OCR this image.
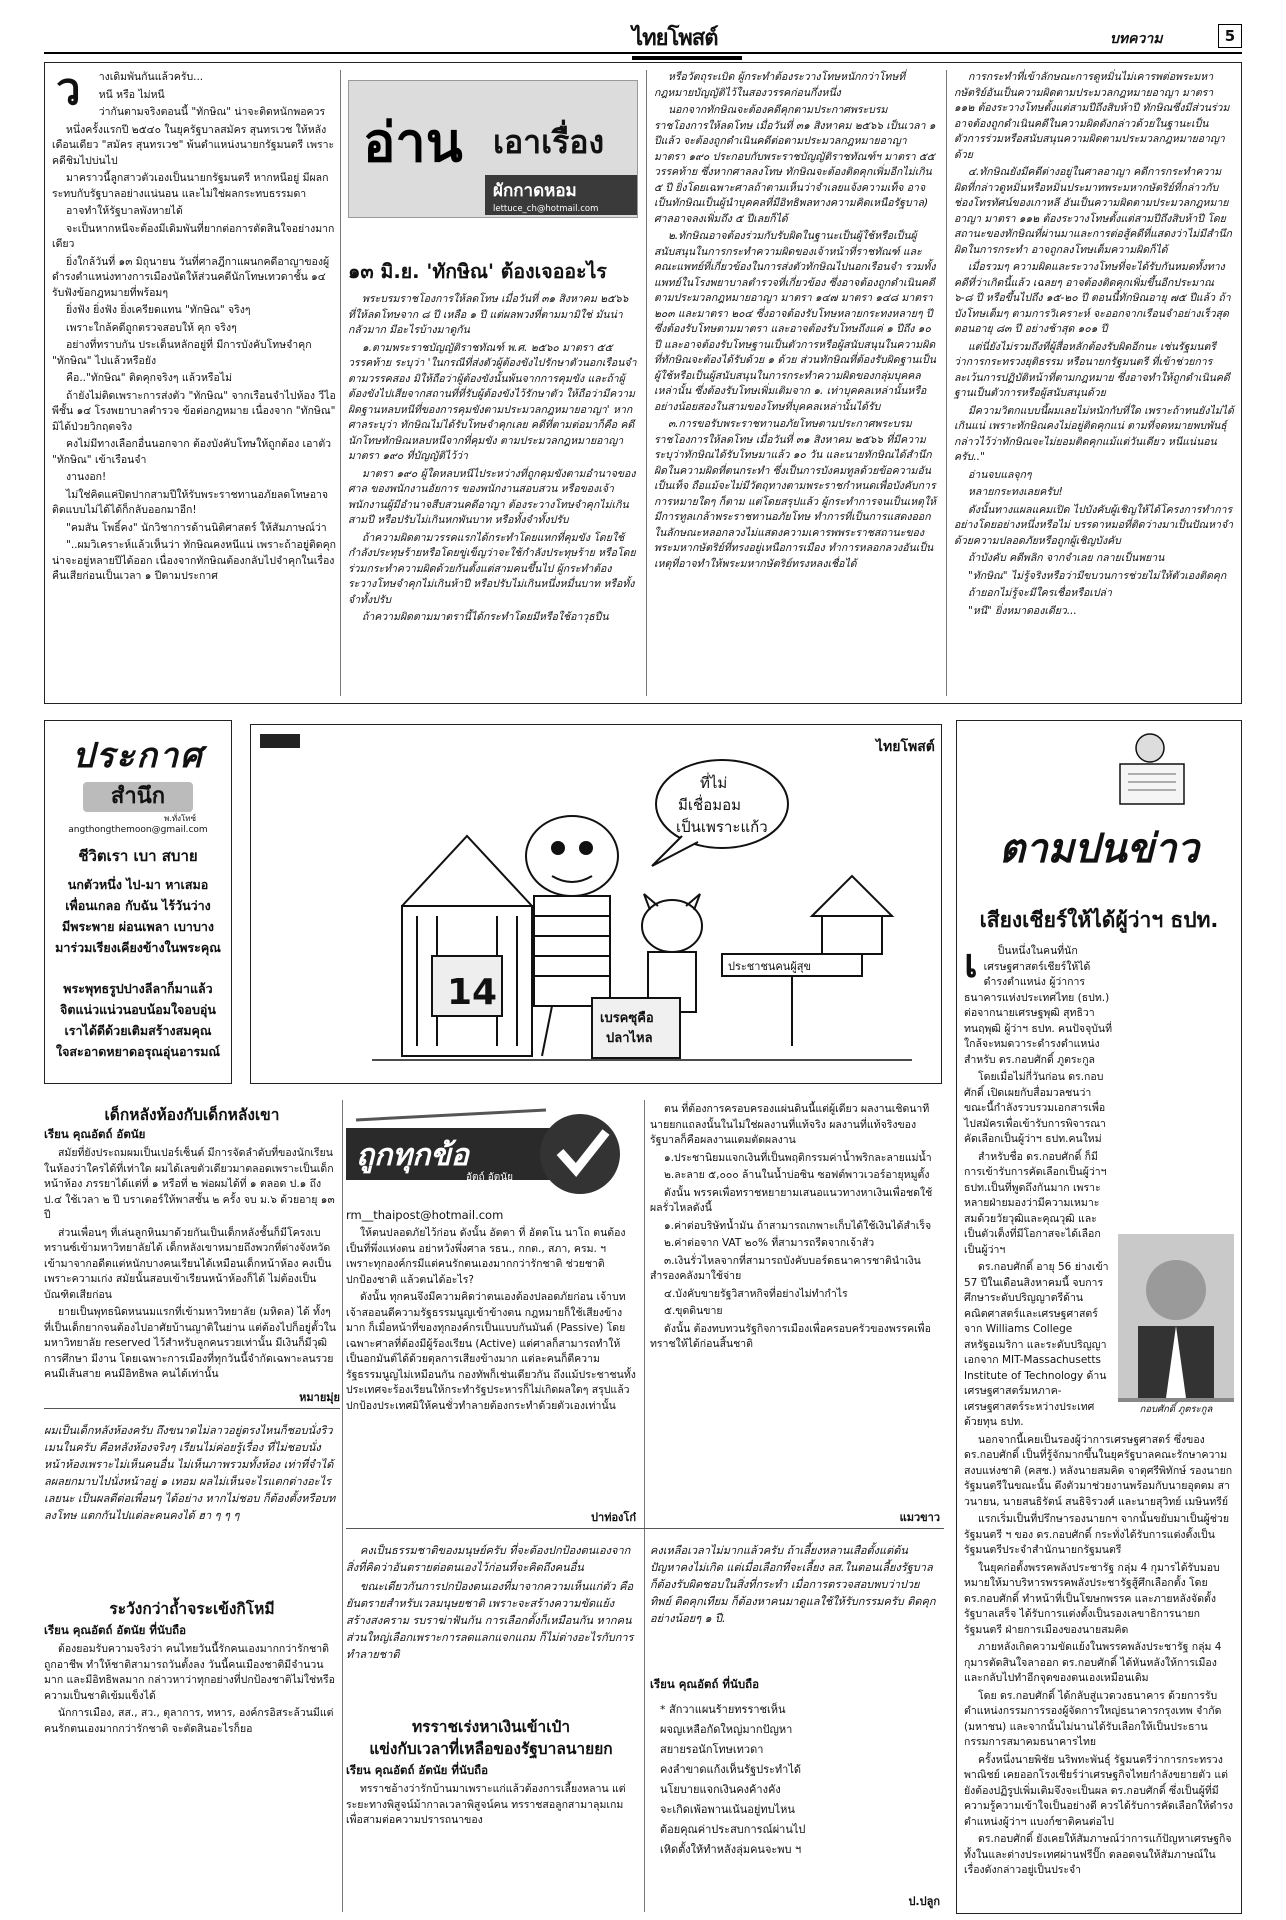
ไทยโพสต์	บทความ	5
ว	างเดิมพันกันแล้วครับ...

หนี หรือ ไม่หนี

ว่ากันตามจริงตอนนี้ "ทักษิณ" น่าจะติดหนักพอควร

หนึ่งครั้งแรกปี ๒๕๔๐ ในยุครัฐบาลสมัคร สุนทรเวช ให้หลังเดือนเดียว "สมัคร สุนทรเวช" พ้นตำแหน่งนายกรัฐมนตรี เพราะคดีชิมไปบ่นไป

มาคราวนี้ลูกสาวตัวเองเป็นนายกรัฐมนตรี หากหนีอยู่ มีผลกระทบกับรัฐบาลอย่างแน่นอน และไม่ใช่ผลกระทบธรรมดา

อาจทำให้รัฐบาลพังหายได้

จะเป็นหากหนีจะต้องมีเดิมพันที่ยากต่อการตัดสินใจอย่างมากเดียว

ยิ่งใกล้วันที่ ๑๓ มิถุนายน วันที่ศาลฎีกาแผนกคดีอาญาของผู้ดำรงตำแหน่งทางการเมืองนัดให้ส่วนคดีนักโทษเทวดาชั้น ๑๔ รับฟังข้อกฎหมายที่พร้อมๆ

ยิ่งฟัง ยิ่งฟัง ยิ่งเครียดแทน "ทักษิณ" จริงๆ

เพราะใกล้คดีถูกตรวจสอบให้ คุก จริงๆ

อย่างที่ทราบกัน ประเด็นหลักอยู่ที่ มีการบังคับโทษจำคุก "ทักษิณ" ไปแล้วหรือยัง

คือ.."ทักษิณ" ติดคุกจริงๆ แล้วหรือไม่

ถ้ายังไม่ติดเพราะการส่งตัว "ทักษิณ" จากเรือนจำไปห้อง วีไอพีชั้น ๑๔ โรงพยาบาลตำรวจ ข้อต่อกฎหมาย เนื่องจาก "ทักษิณ" มิได้ป่วยวิกฤตจริง

คงไม่มีทางเลือกอื่นนอกจาก ต้องบังคับโทษให้ถูกต้อง เอาตัว "ทักษิณ" เข้าเรือนจำ

งานงอก!

ไม่ใช่คิดแค่ปิดปากสามปีให้รับพระราชทานอภัยลดโทษอาจติดแบบไม่ได้ได้ก็กลับออกมาอีก!

"คมสัน โพธิ์คง" นักวิชาการด้านนิติศาสตร์ ให้สัมภาษณ์ว่า

"..ผมวิเคราะห์แล้วเห็นว่า ทักษิณคงหนีแน่ เพราะถ้าอยู่ติดคุกน่าจะอยู่หลายปีได้ออก เนื่องจากทักษิณต้องกลับไปจำคุกในเรื่องคืนเสียก่อนเป็นเวลา ๑ ปีตามประกาศ

อ่าน เอาเรื่อง
ผักกาดหอม
lettuce_ch@hotmail.com
๑๓ มิ.ย. 'ทักษิณ' ต้องเจออะไร

พระบรมราชโองการให้ลดโทษ เมื่อวันที่ ๓๑ สิงหาคม ๒๕๖๖ ที่ให้ลดโทษจาก ๘ ปี เหลือ ๑ ปี แต่ผลพวงที่ตามมามิใช่ มันน่ากลัวมาก มีอะไรบ้างมาดูกัน

๑.ตามพระราชบัญญัติราชทัณฑ์ พ.ศ. ๒๕๖๐ มาตรา ๕๕ วรรคท้าย ระบุว่า 'ในกรณีที่ส่งตัวผู้ต้องขังไปรักษาตัวนอกเรือนจำตามวรรคสอง มิให้ถือว่าผู้ต้องขังนั้นพ้นจากการคุมขัง และถ้าผู้ต้องขังไปเสียจากสถานที่ที่รับผู้ต้องขังไว้รักษาตัว ให้ถือว่ามีความผิดฐานหลบหนีที่ของการคุมขังตามประมวลกฎหมายอาญา' หากศาลระบุว่า ทักษิณไม่ได้รับโทษจำคุกเลย คดีที่ตามต่อมาก็คือ คดีนักโทษทักษิณหลบหนีจากที่คุมขัง ตามประมวลกฎหมายอาญา มาตรา ๑๙๐ ที่บัญญัติไว้ว่า

มาตรา ๑๙๐ ผู้ใดหลบหนีไประหว่างที่ถูกคุมขังตามอำนาจของศาล ของพนักงานอัยการ ของพนักงานสอบสวน หรือของเจ้าพนักงานผู้มีอำนาจสืบสวนคดีอาญา ต้องระวางโทษจำคุกไม่เกินสามปี หรือปรับไม่เกินหกพันบาท หรือทั้งจำทั้งปรับ

ถ้าความผิดตามวรรคแรกได้กระทำโดยแหกที่คุมขัง โดยใช้กำลังประทุษร้ายหรือโดยขู่เข็ญว่าจะใช้กำลังประทุษร้าย หรือโดยร่วมกระทำความผิดด้วยกันตั้งแต่สามคนขึ้นไป ผู้กระทำต้องระวางโทษจำคุกไม่เกินห้าปี หรือปรับไม่เกินหนึ่งหมื่นบาท หรือทั้งจำทั้งปรับ

ถ้าความผิดตามมาตรานี้ได้กระทำโดยมีหรือใช้อาวุธปืน

หรือวัตถุระเบิด ผู้กระทำต้องระวางโทษหนักกว่าโทษที่กฎหมายบัญญัติไว้ในสองวรรคก่อนกึ่งหนึ่ง

นอกจากทักษิณจะต้องคดีคุกตามประกาศพระบรมราชโองการให้ลดโทษ เมื่อวันที่ ๓๑ สิงหาคม ๒๕๖๖ เป็นเวลา ๑ ปีแล้ว จะต้องถูกดำเนินคดีต่อตามประมวลกฎหมายอาญา มาตรา ๑๙๐ ประกอบกับพระราชบัญญัติราชทัณฑ์ฯ มาตรา ๕๕ วรรคท้าย ซึ่งหากศาลลงโทษ ทักษิณจะต้องติดคุกเพิ่มอีกไม่เกิน ๕ ปี ยิ่งโดยเฉพาะศาลถ้าตามเห็นว่าจำเลยแจ้งความเท็จ อาจเป็นทักษิณเป็นผู้นำบุคคลที่มีอิทธิพลทางความคิดเหนือรัฐบาล) ศาลอาจลงเพิ่มถึง ๕ ปีเลยก็ได้

๒.ทักษิณอาจต้องร่วมกับรับผิดในฐานะเป็นผู้ใช้หรือเป็นผู้สนับสนุนในการกระทำความผิดของเจ้าหน้าที่ราชทัณฑ์ และคณะแพทย์ที่เกี่ยวข้องในการส่งตัวทักษิณไปนอกเรือนจำ รวมทั้งแพทย์ในโรงพยาบาลตำรวจที่เกี่ยวข้อง ซึ่งอาจต้องถูกดำเนินคดีตามประมวลกฎหมายอาญา มาตรา ๑๔๗ มาตรา ๑๔๘ มาตรา ๒๐๓ และมาตรา ๒๐๔ ซึ่งอาจต้องรับโทษหลายกระทงหลายๆ ปี ซึ่งต้องรับโทษตามมาตรา และอาจต้องรับโทษถึงแค่ ๑ ปีถึง ๑๐ ปี และอาจต้องรับโทษฐานเป็นตัวการหรือผู้สนับสนุนในความผิดที่ทักษิณจะต้องได้รับด้วย ๑ ด้วย ส่วนทักษิณที่ต้องรับผิดฐานเป็นผู้ใช้หรือเป็นผู้สนับสนุนในการกระทำความผิดของกลุ่มบุคคลเหล่านั้น ซึ่งต้องรับโทษเพิ่มเติมจาก ๑. เท่าบุคคลเหล่านั้นหรืออย่างน้อยสองในสามของโทษที่บุคคลเหล่านั้นได้รับ

๓.การขอรับพระราชทานอภัยโทษตามประกาศพระบรมราชโองการให้ลดโทษ เมื่อวันที่ ๓๑ สิงหาคม ๒๕๖๖ ที่มีความระบุว่าทักษิณได้รับโทษมาแล้ว ๑๐ วัน และนายทักษิณได้สำนึกผิดในความผิดที่ตนกระทำ ซึ่งเป็นการบังคมทูลด้วยข้อความอันเป็นเท็จ ถือแม้จะไม่มีวัตถุทางตามพระราชกำหนดเพื่อบังคับการการหมายใดๆ ก็ตาม แต่โดยสรุปแล้ว ผู้กระทำการจนเป็นเหตุให้มีการทูลเกล้าพระราชทานอภัยโทษ ทำการที่เป็นการแสดงออกในลักษณะหลอกลวงไม่แสดงความเคารพพระราชสถานะของพระมหากษัตริย์ที่ทรงอยู่เหนือการเมือง ทำการหลอกลวงอันเป็นเหตุที่อาจทำให้พระมหากษัตริย์ทรงหลงเชื่อได้

การกระทำที่เข้าลักษณะการดูหมิ่นไม่เคารพต่อพระมหากษัตริย์อันเป็นความผิดตามประมวลกฎหมายอาญา มาตรา ๑๑๒ ต้องระวางโทษตั้งแต่สามปีถึงสิบห้าปี ทักษิณซึ่งมีส่วนร่วมอาจต้องถูกดำเนินคดีในความผิดดังกล่าวด้วยในฐานะเป็นตัวการร่วมหรือสนับสนุนความผิดตามประมวลกฎหมายอาญาด้วย

๔.ทักษิณยังมีคดีต่างอยู่ในศาลอาญา คดีการกระทำความผิดที่กล่าวดูหมิ่นหรือหมิ่นประมาทพระมหากษัตริย์ที่กล่าวกับช่องโทรทัศน์ของเกาหลี อันเป็นความผิดตามประมวลกฎหมายอาญา มาตรา ๑๑๒ ต้องระวางโทษตั้งแต่สามปีถึงสิบห้าปี โดยสถานะของทักษิณที่ผ่านมาและการต่อสู้คดีที่แสดงว่าไม่มีสำนึกผิดในการกระทำ อาจถูกลงโทษเต็มความผิดก็ได้

เมื่อรวมๆ ความผิดและระวางโทษที่จะได้รับกันหมดทั้งทางคดีที่ว่าเกิดนี้แล้ว เฉลยๆ อาจต้องติดคุกเพิ่มขึ้นอีกประมาณ ๖-๘ ปี หรือขึ้นไปถึง ๑๕-๒๐ ปี ตอนนี้ทักษิณอายุ ๗๕ ปีแล้ว ถ้าบังโทษเต็มๆ ตามการวิเคราะห์ จะออกจากเรือนจำอย่างเร็วสุดตอนอายุ ๘๓ ปี อย่างช้าสุด ๑๐๑ ปี

แต่นี่ยังไม่รวมถึงที่ผู้สื่อหลักต้องรับผิดอีกนะ เช่นรัฐมนตรีว่าการกระทรวงยุติธรรม หรือนายกรัฐมนตรี ที่เข้าช่วยการละเว้นการปฏิบัติหน้าที่ตามกฎหมาย ซึ่งอาจทำให้ถูกดำเนินคดีฐานเป็นตัวการหรือผู้สนับสนุนด้วย

มีความวิตกแบบนี้ผมเลยไม่หนักกับที่ใด เพราะถ้าทนยังไม่ได้เกินแน่ เพราะทักษิณคงไม่อยู่ติดคุกแน่ ตามที่จดหมายพบพันธุ์ กล่าวไว้ว่าทักษิณจะไม่ยอมติดคุกแม้แต่วันเดียว หนีแน่นอนครับ.."

อ่านจบแลจุกๆ

หลายกระทงเลยครับ!

ดังนั้นทางแผลแคมเปิด ไปบังคับผู้เชิญให้ได้โครงการทำการอย่างโดยอย่างหนึ่งหรือไม่ บรรดาหมอที่ติดว่างมาเป็นปัณหาจำด้วยความปลอดภัยหรือถูกผู้เชิญบังคับ

ถ้าบังคับ คดีพลิก จากจำเลย กลายเป็นพยาน

"ทักษิณ" ไม่รู้จริงหรือว่ามีขบวนการช่วยไม่ให้ตัวเองติดคุก

ถ้ายอกไม่รู้จะมีใครเชื่อหรือเปล่า

"หนี" ยิ่งหมาดองเดียว...

ประกาศ
สำนึก
พ.ทั่งโทซ์
angthongthemoon@gmail.com
ชีวิตเรา เบา สบาย
นกตัวหนึ่ง ไป-มา หาเสมอ
เพื่อนเกลอ กับฉัน ไร้วันว่าง
มีพระพาย ผ่อนเพลา เบาบาง
มาร่วมเรียงเคียงข้างในพระคุณ
พระพุทธรูปปางลีลาก็มาแล้ว
จิตแน่วแน่วนอบน้อมใจอบอุ่น
เราได้ดีด้วยเติมสร้างสมคุณ
ใจสะอาดหยาดอรุณอุ่นอารมณ์
ไทยโพสต์
14
ที่ไม่
มีเชื่อมอม
เป็นเพราะแก้ว
เบรคซุคือ
ปลาไหล
ประชาชนคนผู้สุข
ตามปนข่าว
เสียงเชียร์ให้ได้ผู้ว่าฯ ธปท.
เ
กอบศักดิ์ ภูตระกูล

ป็นหนึ่งในคนที่นักเศรษฐศาสตร์เชียร์ให้ได้ดำรงตำแหน่ง ผู้ว่าการธนาคารแห่งประเทศไทย (ธปท.) ต่อจากนายเศรษฐพุฒิ สุทธิวาทนฤพุฒิ ผู้ว่าฯ ธปท. คนปัจจุบันที่ใกล้จะหมดวาระดำรงตำแหน่ง สำหรับ ดร.กอบศักดิ์ ภูตระกูล

โดยเมื่อไม่กี่วันก่อน ดร.กอบศักดิ์ เปิดเผยกับสื่อมวลชนว่า ขณะนี้กำลังรวบรวมเอกสารเพื่อไปสมัครเพื่อเข้ารับการพิจารณาคัดเลือกเป็นผู้ว่าฯ ธปท.คนใหม่

สำหรับชื่อ ดร.กอบศักดิ์ ก็มีการเข้ารับการคัดเลือกเป็นผู้ว่าฯ ธปท.เป็นที่พูดถึงกันมาก เพราะหลายฝ่ายมองว่ามีความเหมาะสมด้วยวัยวุฒิและคุณวุฒิ และเป็นตัวเต็งที่มีโอกาสจะได้เลือกเป็นผู้ว่าฯ

ดร.กอบศักดิ์ อายุ 56 ย่างเข้า 57 ปีในเดือนสิงหาคมนี้ จบการศึกษาระดับปริญญาตรีด้านคณิตศาสตร์และเศรษฐศาสตร์ จาก Williams College สหรัฐอเมริกา และระดับปริญญาเอกจาก MIT-Massachusetts Institute of Technology ด้านเศรษฐศาสตร์มหภาค-เศรษฐศาสตร์ระหว่างประเทศ ด้วยทุน ธปท.

นอกจากนี้เคยเป็นรองผู้ว่าการเศรษฐศาสตร์ ซึ่งของ ดร.กอบศักดิ์ เป็นที่รู้จักมากขึ้นในยุครัฐบาลคณะรักษาความสงบแห่งชาติ (คสช.) หลังนายสมคิด จาตุศรีพิทักษ์ รองนายกรัฐมนตรีในขณะนั้น ดึงตัวมาช่วยงานพร้อมกับนายอุตตม สาวนายน, นายสนธิรัตน์ สนธิจิรวงศ์ และนายสุวิทย์ เมษินทรีย์

แรกเริ่มเป็นที่ปรึกษารองนายกฯ จากนั้นขยับมาเป็นผู้ช่วยรัฐมนตรี ฯ ของ ดร.กอบศักดิ์ กระทั่งได้รับการแต่งตั้งเป็นรัฐมนตรีประจำสำนักนายกรัฐมนตรี

ในยุคก่อตั้งพรรคพลังประชารัฐ กลุ่ม 4 กุมารได้รับมอบหมายให้มาบริหารพรรคพลังประชารัฐสู้ศึกเลือกตั้ง โดย ดร.กอบศักดิ์ ทำหน้าที่เป็นโฆษกพรรค และภายหลังจัดตั้งรัฐบาลเสร็จ ได้รับการแต่งตั้งเป็นรองเลขาธิการนายกรัฐมนตรี ฝ่ายการเมืองของนายสมคิด

ภายหลังเกิดความขัดแย้งในพรรคพลังประชารัฐ กลุ่ม 4 กุมารตัดสินใจลาออก ดร.กอบศักดิ์ ได้หันหลังให้การเมือง และกลับไปทำอีกจุดของตนเองเหมือนเดิม

โดย ดร.กอบศักดิ์ ได้กลับสู่แวดวงธนาคาร ด้วยการรับตำแหน่งกรรมการรองผู้จัดการใหญ่ธนาคารกรุงเทพ จำกัด (มหาชน) และจากนั้นไม่นานได้รับเลือกให้เป็นประธานกรรมการสมาคมธนาคารไทย

ครั้งหนึ่งนายพิชัย นริพทะพันธุ์ รัฐมนตรีว่าการกระทรวงพาณิชย์ เคยออกโรงเชียร์ว่าเศรษฐกิจไทยกำลังขยายตัว แต่ยังต้องปฏิรูปเพิ่มเติมจึงจะเป็นผล ดร.กอบศักดิ์ ซึ่งเป็นผู้ที่มีความรู้ความเข้าใจเป็นอย่างดี ควรได้รับการคัดเลือกให้ดำรงตำแหน่งผู้ว่าฯ แบงก์ชาติคนต่อไป

ดร.กอบศักดิ์ ยังเคยให้สัมภาษณ์ว่าการแก้ปัญหาเศรษฐกิจทั้งในและต่างประเทศผ่านฟรีปั๊ก ตลอดจนให้สัมภาษณ์ในเรื่องดังกล่าวอยู่เป็นประจำ

ถูกทุกข้อ
อัตถ์ อัตนัย
rm__thaipost@hotmail.com
เด็กหลังห้องกับเด็กหลังเขา
เรียน คุณอัตถ์ อัตนัย

สมัยที่ยังประถมผมเป็นเปอร์เซ็นต์ มีการจัดลำดับที่ของนักเรียนในห้องว่าใครได้ที่เท่าใด ผมได้เลขตัวเดียวมาตลอดเพราะเป็นเด็กหน้าห้อง ภรรยาได้แต่ที่ ๑ หรือที่ ๒ พ่อผมได้ที่ ๑ ตลอด ป.๑ ถึง ป.๔ ใช้เวลา ๒ ปี บราเดอร์ให้พาสชั้น ๒ ครั้ง จบ ม.๖ ด้วยอายุ ๑๓ ปี

ส่วนเพื่อนๆ ที่เล่นลูกหินมาด้วยกันเป็นเด็กหลังชั้นก็มีโครงเบทรานซ์เข้ามหาวิทยาลัยได้ เด็กหลังเขาหมายถึงพวกที่ต่างจังหวัดเข้ามาจากอดีตแต่หนักบางคนเรียนได้เหมือนเด็กหน้าห้อง คงเป็นเพราะความเก่ง สมัยนั้นสอบเข้าเรียนหน้าห้องก็ได้ ไม่ต้องเป็นบัณฑิตเสียก่อน

ยายเป็นพุทธนิดหนนมแรกที่เข้ามหาวิทยาลัย (มหิดล) ได้ ทั้งๆ ที่เป็นเด็กยากจนต้องไปอาศัยบ้านญาติในย่าน แต่ต้องไปก็อยู่ตั้วในมหาวิทยาลัย reserved ไว้สำหรับลูกคนรวยเท่านั้น มีเงินก็มีวุฒิการศึกษา มีงาน โดยเฉพาะการเมืองที่ทุกวันนี้จำกัดเฉพาะลนรวย คนมีเส้นสาย คนมีอิทธิพล คนได้เท่านั้น

หมายมุ่ย
ผมเป็นเด็กหลังห้องครับ ถึงขนาดไม่ลาวอยู่ตรงไหนก็ชอบนั่งริวเมนในครับ คือหลังห้องจริงๆ เรียนไม่ค่อยรู้เรื่อง ที่ไม่ชอบนั่งหน้าห้องเพราะไม่เห็นคนอื่น ไม่เห็นภาพรวมทั้งห้อง เท่าที่จำได้ลผลยกมาบไปนั่งหน้าอยู่ ๑ เทอม ผลไม่เห็นจะไรแตกต่างอะไรเลยนะ เป็นผลดีต่อเพื่อนๆ ได้อย่าง หากไม่ชอบ ก็ต้องตั้งหรือบทลงโทษ แตกกันไปแต่ละคนคงได้ ฮา ๆ ๆ ๆ
ระวังกว่าถ้ำจระเข้งกิโหมี
เรียน คุณอัตถ์ อัตนัย ที่นับถือ

ต้องยอมรับความจริงว่า คนไทยวันนี้รักคนเองมากกว่ารักชาติถูกอาชีพ ทำให้ชาติสามารถวันตั้งลง วันนี้คนเมืองชาติมีจำนวนมาก และมีอิทธิพลมาก กล่าวหาว่าทุกอย่างที่ปกป้องชาติไม่ใช่หรือ ความเป็นชาติเข้มแข็งได้

นักการเมือง, สส., สว., ตุลาการ, ทหาร, องค์กรอิสระล้วนมีแต่คนรักตนเองมากกว่ารักชาติ จะตัดสินอะไรก็ยอ

ให้ตนปลอดภัยไว้ก่อน ดังนั้น อัตตา ที่ อัตตโน นาโถ ตนต้องเป็นที่พึ่งแห่งตน อย่าหวังพึ่งศาล รธน., กกต., สภา, ครม. ฯ เพราะทุกองค์กรมีแต่คนรักตนเองมากกว่ารักชาติ ช่วยชาติ ปกป้องชาติ แล้วตนได้อะไร?

ดังนั้น ทุกคนจึงมีความคิดว่าตนเองต้องปลอดภัยก่อน เจ้าบทเจ้าสออนดีความรัฐธรรมนูญเข้าข้างตน กฎหมายก็ใช้เสียงข้างมาก ก็เมื่อหน้าที่ของทุกองค์กรเป็นแบบกันมันต์ (Passive) โดยเฉพาะศาลที่ต้องมีผู้ร้องเรียน (Active) แต่ศาลก็สามารถทำให้เป็นอกมันต์ได้ด้วยดุลการเสียงข้างมาก แต่ละคนก็ตีความรัฐธรรมนูญไม่เหมือนกัน กองทัพก็เช่นเดียวกัน ถึงแม้ประชาชนทั้งประเทศจะร้องเรียนให้กระทำรัฐประหารก็ไม่เกิดผลใดๆ สรุปแล้วปกป้องประเทศมิให้คนชั่วทำลายต้องกระทำด้วยตัวเองเท่านั้น

ปาท่องโก๋

ตน ที่ต้องการครอบครองแผ่นดินนี้แต่ผู้เดียว ผลงานเชิดนาทีนายยกแถลงนั้นในไม่ใช่ผลงานที่แท้จริง ผลงานที่แท้จริงของรัฐบาลก็คือผลงานแตมตัดผลงาน

๑.ประชานิยมแจกเงินที่เป็นพฤติกรรมค่าน้ำพริกละลายแม่น้ำ

๒.ละลาย ๕,๐๐๐ ล้านในน้ำบ่อซิน ซอฟต์พาวเวอร์อายุหมูตั้ง

ดังนั้น พรรคเพื่อทราชหยายามเสนอแนวทางหาเงินเพื่อชดใช้ผลรั่วไหลดังนี้

๑.ค่าต่อบริษัทน้ำมัน ถ้าสามารถเกพาะเก็บได้ใช้เงินได้สำเร็จ

๒.ค่าต่อจาก VAT ๒๐% ที่สามารถรีดจากเจ้าสัว

๓.เงินรั่วไหลจากที่สามารถบังคับบอร์ดธนาคารชาตินำเงินสำรองคลังมาใช้จ่าย

๔.บังคับขายรัฐวิสาหกิจที่อย่างไม่ทำกำไร

๕.ขุดดินขาย

ดังนั้น ต้องทบทวนรัฐกิจการเมืองเพื่อครอบครัวของพรรคเพื่อทราชให้ได้ก่อนสิ้นชาติ

แมวขาว

คงเป็นธรรมชาติของมนุษย์ครับ ที่จะต้องปกป้องตนเองจากสิ่งที่คิดว่าอันตรายต่อตนเองไว้ก่อนที่จะคิดถึงคนอื่น

ขณะเดียวกันการปกป้องตนเองที่มาจากความเห็นแก่ตัว คือยันตรายสำหรับเวลมนุษยชาติ เพราะจะสร้างความขัดแย้ง สร้างสงคราม รบราฆ่าฟันกัน การเลือกตั้งก็เหมือนกัน หากคนส่วนใหญ่เลือกเพราะการลดแลกแจกแถม ก็ไม่ต่างอะไรกับการทำลายชาติ

คงเหลือเวลาไม่มากแล้วครับ ถ้าเลี้ยงหลานเสือตั้งแต่ต้น ปัญหาคงไม่เกิด แต่เมื่อเลือกที่จะเลี้ยง ลส.ในตอนเลี้ยงรัฐบาล ก็ต้องรับผิดชอบในสิ่งที่กระทำ เมื่อการตรวจสอบพบว่าปวยทิพย์ ติดคุกเทียม ก็ต้องหาคนมาดูแลใช้ให้รับกรรมครับ ติดคุกอย่างน้อยๆ ๑ ปี.
ทรราชเร่งหาเงินเข้าเป๋า
แข่งกับเวลาที่เหลือของรัฐบาลนายยก
เรียน คุณอัตถ์ อัตนัย ที่นับถือ

ทรราชอ้างว่ารักบ้านมาเพราะแก่แล้วต้องการเลี้ยงหลาน แต่ระยะทางพิสูจน์ม้ากาลเวลาพิสูจน์คน ทรราชสอลูกสามาลุมเกมเพื่อสามต่อความปรารถนาของ

เรียน คุณอัตถ์ ที่นับถือ
* สักวาแผนร้ายทรราชเห็น
ผจญเหลือกัดใหญ่มากปัญหา
สยายรอนักโทษเทวดา
คงลำขาดแก้งเห็นรัฐประทำได้
นโยบายแจกเงินคงค้างคัง
จะเกิดเพ้อพานเน้นอยู่ทบไหน
ต้อยคุณค่าประสบการณ์ผ่านไป
เหิดตั้งให้ทำหลังลุ่มคนจะพบ ฯ
ป.ปลูก
